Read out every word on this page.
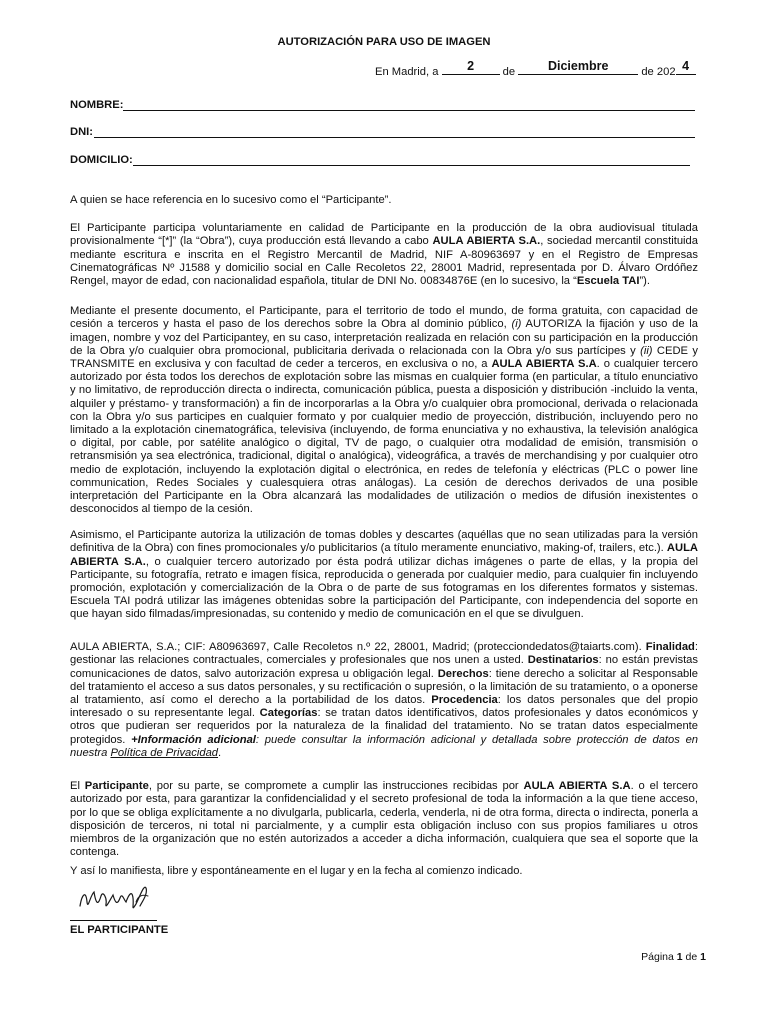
AUTORIZACIÓN PARA USO DE IMAGEN
En Madrid, a	2	de	Diciembre	de 202 4
NOMBRE:
DNI:
DOMICILIO:

A quien se hace referencia en lo sucesivo como el “Participante”.

El Participante participa voluntariamente en calidad de Participante en la producción de la obra audiovisual titulada provisionalmente “[*]” (la “Obra”), cuya producción está llevando a cabo AULA ABIERTA S.A., sociedad mercantil constituida mediante escritura e inscrita en el Registro Mercantil de Madrid, NIF A-80963697 y en el Registro de Empresas Cinematográficas Nº J1588 y domicilio social en Calle Recoletos 22, 28001 Madrid, representada por D. Álvaro Ordóñez Rengel, mayor de edad, con nacionalidad española, titular de DNI No. 00834876E (en lo sucesivo, la “Escuela TAI”).

Mediante el presente documento, el Participante, para el territorio de todo el mundo, de forma gratuita, con capacidad de cesión a terceros y hasta el paso de los derechos sobre la Obra al dominio público, (i) AUTORIZA la fijación y uso de la imagen, nombre y voz del Participantey, en su caso, interpretación realizada en relación con su participación en la producción de la Obra y/o cualquier obra promocional, publicitaria derivada o relacionada con la Obra y/o sus partícipes y (ii) CEDE y TRANSMITE en exclusiva y con facultad de ceder a terceros, en exclusiva o no, a AULA ABIERTA S.A. o cualquier tercero autorizado por ésta todos los derechos de explotación sobre las mismas en cualquier forma (en particular, a título enunciativo y no limitativo, de reproducción directa o indirecta, comunicación pública, puesta a disposición y distribución -incluido la venta, alquiler y préstamo- y transformación) a fin de incorporarlas a la Obra y/o cualquier obra promocional, derivada o relacionada con la Obra y/o sus participes en cualquier formato y por cualquier medio de proyección, distribución, incluyendo pero no limitado a la explotación cinematográfica, televisiva (incluyendo, de forma enunciativa y no exhaustiva, la televisión analógica o digital, por cable, por satélite analógico o digital, TV de pago, o cualquier otra modalidad de emisión, transmisión o retransmisión ya sea electrónica, tradicional, digital o analógica), videográfica, a través de merchandising y por cualquier otro medio de explotación, incluyendo la explotación digital o electrónica, en redes de telefonía y eléctricas (PLC o power line communication, Redes Sociales y cualesquiera otras análogas). La cesión de derechos derivados de una posible interpretación del Participante en la Obra alcanzará las modalidades de utilización o medios de difusión inexistentes o desconocidos al tiempo de la cesión.

Asimismo, el Participante autoriza la utilización de tomas dobles y descartes (aquéllas que no sean utilizadas para la versión definitiva de la Obra) con fines promocionales y/o publicitarios (a título meramente enunciativo, making-of, trailers, etc.). AULA ABIERTA S.A., o cualquier tercero autorizado por ésta podrá utilizar dichas imágenes o parte de ellas, y la propia del Participante, su fotografía, retrato e imagen física, reproducida o generada por cualquier medio, para cualquier fin incluyendo promoción, explotación y comercialización de la Obra o de parte de sus fotogramas en los diferentes formatos y sistemas. Escuela TAI podrá utilizar las imágenes obtenidas sobre la participación del Participante, con independencia del soporte en que hayan sido filmadas/impresionadas, su contenido y medio de comunicación en el que se divulguen.

AULA ABIERTA, S.A.; CIF: A80963697, Calle Recoletos n.º 22, 28001, Madrid; (protecciondedatos@taiarts.com). Finalidad: gestionar las relaciones contractuales, comerciales y profesionales que nos unen a usted. Destinatarios: no están previstas comunicaciones de datos, salvo autorización expresa u obligación legal. Derechos: tiene derecho a solicitar al Responsable del tratamiento el acceso a sus datos personales, y su rectificación o supresión, o la limitación de su tratamiento, o a oponerse al tratamiento, así como el derecho a la portabilidad de los datos. Procedencia: los datos personales que del propio interesado o su representante legal. Categorías: se tratan datos identificativos, datos profesionales y datos económicos y otros que pudieran ser requeridos por la naturaleza de la finalidad del tratamiento. No se tratan datos especialmente protegidos. +Información adicional: puede consultar la información adicional y detallada sobre protección de datos en nuestra Política de Privacidad.

El Participante, por su parte, se compromete a cumplir las instrucciones recibidas por AULA ABIERTA S.A. o el tercero autorizado por esta, para garantizar la confidencialidad y el secreto profesional de toda la información a la que tiene acceso, por lo que se obliga explícitamente a no divulgarla, publicarla, cederla, venderla, ni de otra forma, directa o indirecta, ponerla a disposición de terceros, ni total ni parcialmente, y a cumplir esta obligación incluso con sus propios familiares u otros miembros de la organización que no estén autorizados a acceder a dicha información, cualquiera que sea el soporte que la contenga.

Y así lo manifiesta, libre y espontáneamente en el lugar y en la fecha al comienzo indicado.

EL PARTICIPANTE
Página 1 de 1
